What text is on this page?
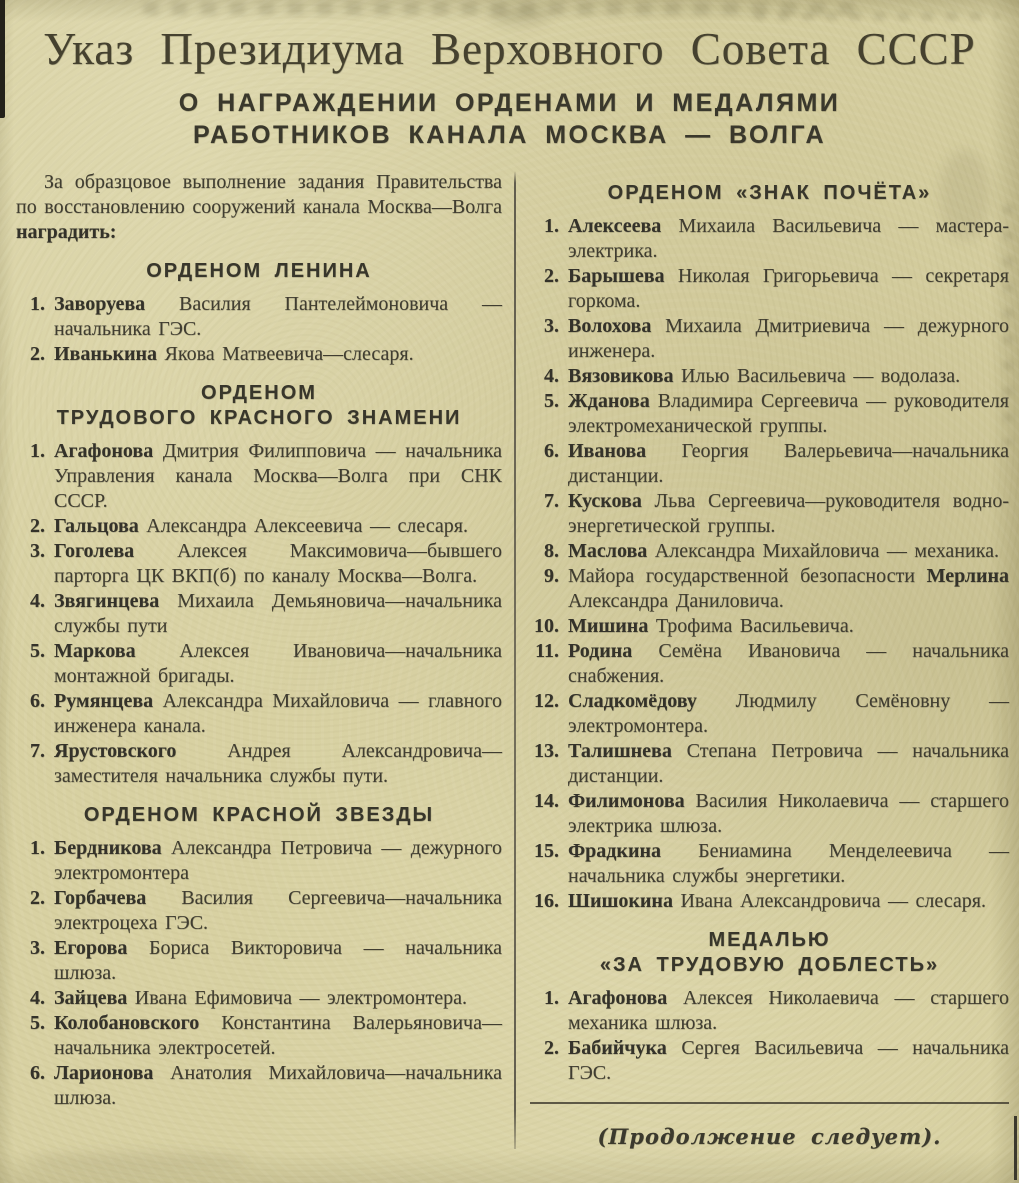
Указ Президиума Верховного Совета СССР
О НАГРАЖДЕНИИ ОРДЕНАМИ И МЕДАЛЯМИ
РАБОТНИКОВ КАНАЛА МОСКВА — ВОЛГА

За образцовое выполнение задания Правительства по восстановлению сооружений канала Москва—Волга наградить:

ОРДЕНОМ ЛЕНИНА
1. Заворуева Василия Пантелеймоновича — начальника ГЭС.
2. Иванькина Якова Матвеевича—слесаря.
ОРДЕНОМ
ТРУДОВОГО КРАСНОГО ЗНАМЕНИ
1. Агафонова Дмитрия Филипповича — начальника Управления канала Москва—Волга при СНК СССР.
2. Гальцова Александра Алексеевича — слесаря.
3. Гоголева Алексея Максимовича—бывшего парторга ЦК ВКП(б) по каналу Москва—Волга.
4. Звягинцева Михаила Демьяновича—начальника службы пути
5. Маркова Алексея Ивановича—начальника монтажной бригады.
6. Румянцева Александра Михайловича — главного инженера канала.
7. Ярустовского Андрея Александровича—заместителя начальника службы пути.
ОРДЕНОМ КРАСНОЙ ЗВЕЗДЫ
1. Бердникова Александра Петровича — дежурного электромонтера
2. Горбачева Василия Сергеевича—начальника электроцеха ГЭС.
3. Егорова Бориса Викторовича — начальника шлюза.
4. Зайцева Ивана Ефимовича — электромонтера.
5. Колобановского Константина Валерьяновича—начальника электросетей.
6. Ларионова Анатолия Михайловича—начальника шлюза.
ОРДЕНОМ «ЗНАК ПОЧЁТА»
1. Алексеева Михаила Васильевича — мастера-электрика.
2. Барышева Николая Григорьевича — секретаря горкома.
3. Волохова Михаила Дмитриевича — дежурного инженера.
4. Вязовикова Илью Васильевича — водолаза.
5. Жданова Владимира Сергеевича — руководителя электромеханической группы.
6. Иванова Георгия Валерьевича—начальника дистанции.
7. Кускова Льва Сергеевича—руководителя водно-энергетической группы.
8. Маслова Александра Михайловича — механика.
9. Майора государственной безопасности Мерлина Александра Даниловича.
10. Мишина Трофима Васильевича.
11. Родина Семёна Ивановича — начальника снабжения.
12. Сладкомёдову Людмилу Семёновну — электромонтера.
13. Талишнева Степана Петровича — начальника дистанции.
14. Филимонова Василия Николаевича — старшего электрика шлюза.
15. Фрадкина Бениамина Менделеевича — начальника службы энергетики.
16. Шишокина Ивана Александровича — слесаря.
МЕДАЛЬЮ
«ЗА ТРУДОВУЮ ДОБЛЕСТЬ»
1. Агафонова Алексея Николаевича — старшего механика шлюза.
2. Бабийчука Сергея Васильевича — начальника ГЭС.

(Продолжение следует).
